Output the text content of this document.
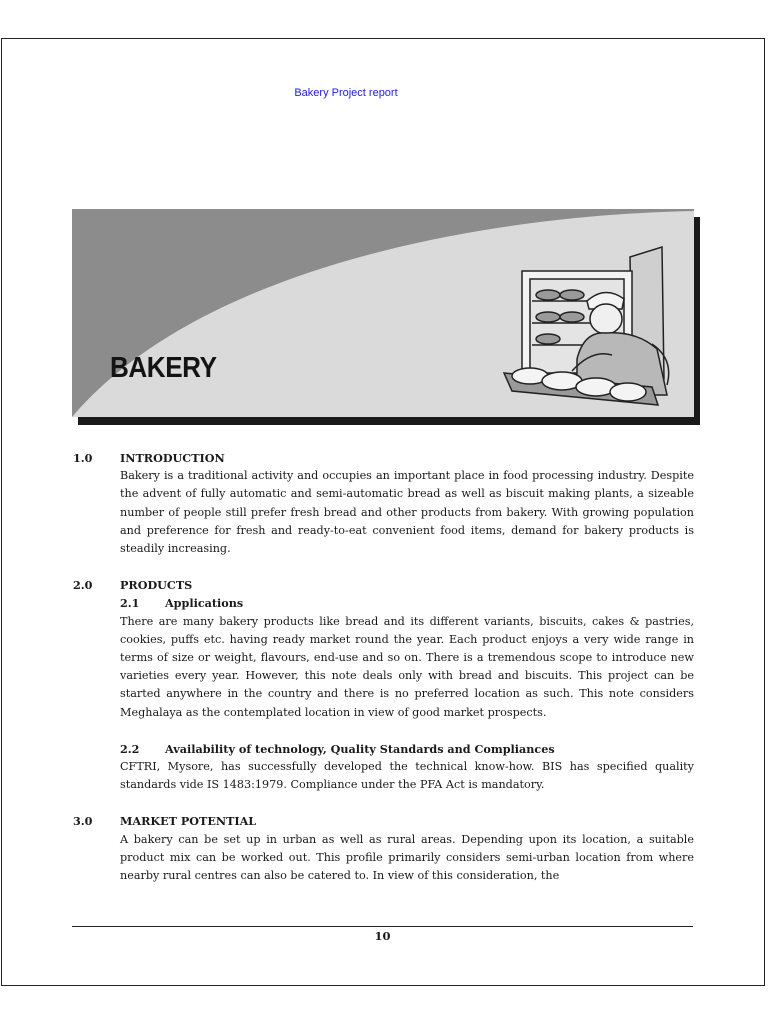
Bakery Project report
BAKERY
1.0	INTRODUCTION

Bakery is a traditional activity and occupies an important place in food processing industry. Despite the advent of fully automatic and semi-automatic bread as well as biscuit making plants, a sizeable number of people still prefer fresh bread and other products from bakery. With growing population and preference for fresh and ready-to-eat convenient food items, demand for bakery products is steadily increasing.

2.0	PRODUCTS
2.1	Applications

There are many bakery products like bread and its different variants, biscuits, cakes & pastries, cookies, puffs etc. having ready market round the year. Each product enjoys a very wide range in terms of size or weight, flavours, end-use and so on. There is a tremendous scope to introduce new varieties every year. However, this note deals only with bread and biscuits. This project can be started anywhere in the country and there is no preferred location as such. This note considers Meghalaya as the contemplated location in view of good market prospects.

2.2	Availability of technology, Quality Standards and Compliances

CFTRI, Mysore, has successfully developed the technical know-how. BIS has specified quality standards vide IS 1483:1979. Compliance under the PFA Act is mandatory.

3.0	MARKET POTENTIAL

A bakery can be set up in urban as well as rural areas. Depending upon its location, a suitable product mix can be worked out. This profile primarily considers semi-urban location from where nearby rural centres can also be catered to. In view of this consideration, the

10
